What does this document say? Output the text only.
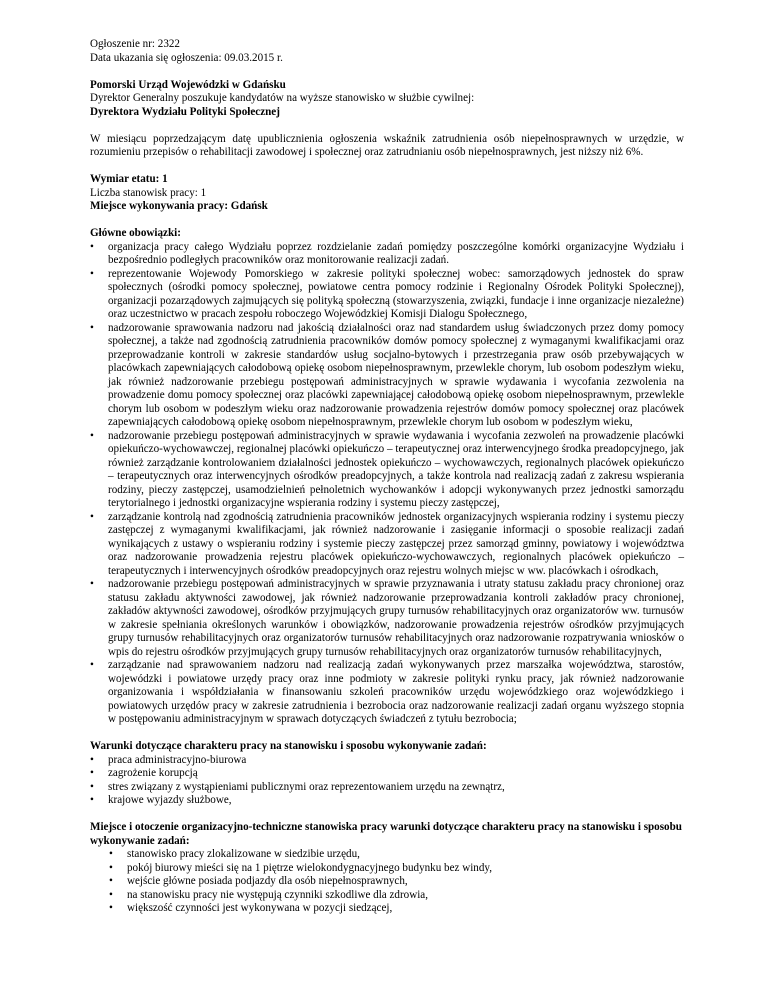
Ogłoszenie nr: 2322

Data ukazania się ogłoszenia: 09.03.2015 r.

Pomorski Urząd Wojewódzki w Gdańsku

Dyrektor Generalny poszukuje kandydatów na wyższe stanowisko w służbie cywilnej:

Dyrektora Wydziału Polityki Społecznej

W miesiącu poprzedzającym datę upublicznienia ogłoszenia wskaźnik zatrudnienia osób niepełnosprawnych w urzędzie, w rozumieniu przepisów o rehabilitacji zawodowej i społecznej oraz zatrudnianiu osób niepełnosprawnych, jest niższy niż 6%.

Wymiar etatu: 1

Liczba stanowisk pracy: 1

Miejsce wykonywania pracy: Gdańsk

Główne obowiązki:

•	organizacja pracy całego Wydziału poprzez rozdzielanie zadań pomiędzy poszczególne komórki organizacyjne Wydziału i bezpośrednio podległych pracowników oraz monitorowanie realizacji zadań.
•	reprezentowanie Wojewody Pomorskiego w zakresie polityki społecznej wobec: samorządowych jednostek do spraw społecznych (ośrodki pomocy społecznej, powiatowe centra pomocy rodzinie i Regionalny Ośrodek Polityki Społecznej), organizacji pozarządowych zajmujących się polityką społeczną (stowarzyszenia, związki, fundacje i inne organizacje niezależne) oraz uczestnictwo w pracach zespołu roboczego Wojewódzkiej Komisji Dialogu Społecznego,
•	nadzorowanie sprawowania nadzoru nad jakością działalności oraz nad standardem usług świadczonych przez domy pomocy społecznej, a także nad zgodnością zatrudnienia pracowników domów pomocy społecznej z wymaganymi kwalifikacjami oraz przeprowadzanie kontroli w zakresie standardów usług socjalno-bytowych i przestrzegania praw osób przebywających w placówkach zapewniających całodobową opiekę osobom niepełnosprawnym, przewlekle chorym, lub osobom podeszłym wieku, jak również nadzorowanie przebiegu postępowań administracyjnych w sprawie wydawania i wycofania zezwolenia na prowadzenie domu pomocy społecznej oraz placówki zapewniającej całodobową opiekę osobom niepełnosprawnym, przewlekle chorym lub osobom w podeszłym wieku oraz nadzorowanie prowadzenia rejestrów domów pomocy społecznej oraz placówek zapewniających całodobową opiekę osobom niepełnosprawnym, przewlekle chorym lub osobom w podeszłym wieku,
•	nadzorowanie przebiegu postępowań administracyjnych w sprawie wydawania i wycofania zezwoleń na prowadzenie placówki opiekuńczo-wychowawczej, regionalnej placówki opiekuńczo – terapeutycznej oraz interwencyjnego środka preadopcyjnego, jak również zarządzanie kontrolowaniem działalności jednostek opiekuńczo – wychowawczych, regionalnych placówek opiekuńczo – terapeutycznych oraz interwencyjnych ośrodków preadopcyjnych, a także kontrola nad realizacją zadań z zakresu wspierania rodziny, pieczy zastępczej, usamodzielnień pełnoletnich wychowanków i adopcji wykonywanych przez jednostki samorządu terytorialnego i jednostki organizacyjne wspierania rodziny i systemu pieczy zastępczej,
•	zarządzanie kontrolą nad zgodnością zatrudnienia pracowników jednostek organizacyjnych wspierania rodziny i systemu pieczy zastępczej z wymaganymi kwalifikacjami, jak również nadzorowanie i zasięganie informacji o sposobie realizacji zadań wynikających z ustawy o wspieraniu rodziny i systemie pieczy zastępczej przez samorząd gminny, powiatowy i województwa oraz nadzorowanie prowadzenia rejestru placówek opiekuńczo-wychowawczych, regionalnych placówek opiekuńczo – terapeutycznych i interwencyjnych ośrodków preadopcyjnych oraz rejestru wolnych miejsc w ww. placówkach i ośrodkach,
•	nadzorowanie przebiegu postępowań administracyjnych w sprawie przyznawania i utraty statusu zakładu pracy chronionej oraz statusu zakładu aktywności zawodowej, jak również nadzorowanie przeprowadzania kontroli zakładów pracy chronionej, zakładów aktywności zawodowej, ośrodków przyjmujących grupy turnusów rehabilitacyjnych oraz organizatorów ww. turnusów w zakresie spełniania określonych warunków i obowiązków, nadzorowanie prowadzenia rejestrów ośrodków przyjmujących grupy turnusów rehabilitacyjnych oraz organizatorów turnusów rehabilitacyjnych oraz nadzorowanie rozpatrywania wniosków o wpis do rejestru ośrodków przyjmujących grupy turnusów rehabilitacyjnych oraz organizatorów turnusów rehabilitacyjnych,
•	zarządzanie nad sprawowaniem nadzoru nad realizacją zadań wykonywanych przez marszałka województwa, starostów, wojewódzki i powiatowe urzędy pracy oraz inne podmioty w zakresie polityki rynku pracy, jak również nadzorowanie organizowania i współdziałania w finansowaniu szkoleń pracowników urzędu wojewódzkiego oraz wojewódzkiego i powiatowych urzędów pracy w zakresie zatrudnienia i bezrobocia oraz nadzorowanie realizacji zadań organu wyższego stopnia w postępowaniu administracyjnym w sprawach dotyczących świadczeń z tytułu bezrobocia;

Warunki dotyczące charakteru pracy na stanowisku i sposobu wykonywanie zadań:

•	praca administracyjno-biurowa
•	zagrożenie korupcją
•	stres związany z wystąpieniami publicznymi oraz reprezentowaniem urzędu na zewnątrz,
•	krajowe wyjazdy służbowe,

Miejsce i otoczenie organizacyjno-techniczne stanowiska pracy warunki dotyczące charakteru pracy na stanowisku i sposobu wykonywanie zadań:

•	stanowisko pracy zlokalizowane w siedzibie urzędu,
•	pokój biurowy mieści się na 1 piętrze wielokondygnacyjnego budynku bez windy,
•	wejście główne posiada podjazdy dla osób niepełnosprawnych,
•	na stanowisku pracy nie występują czynniki szkodliwe dla zdrowia,
•	większość czynności jest wykonywana w pozycji siedzącej,
